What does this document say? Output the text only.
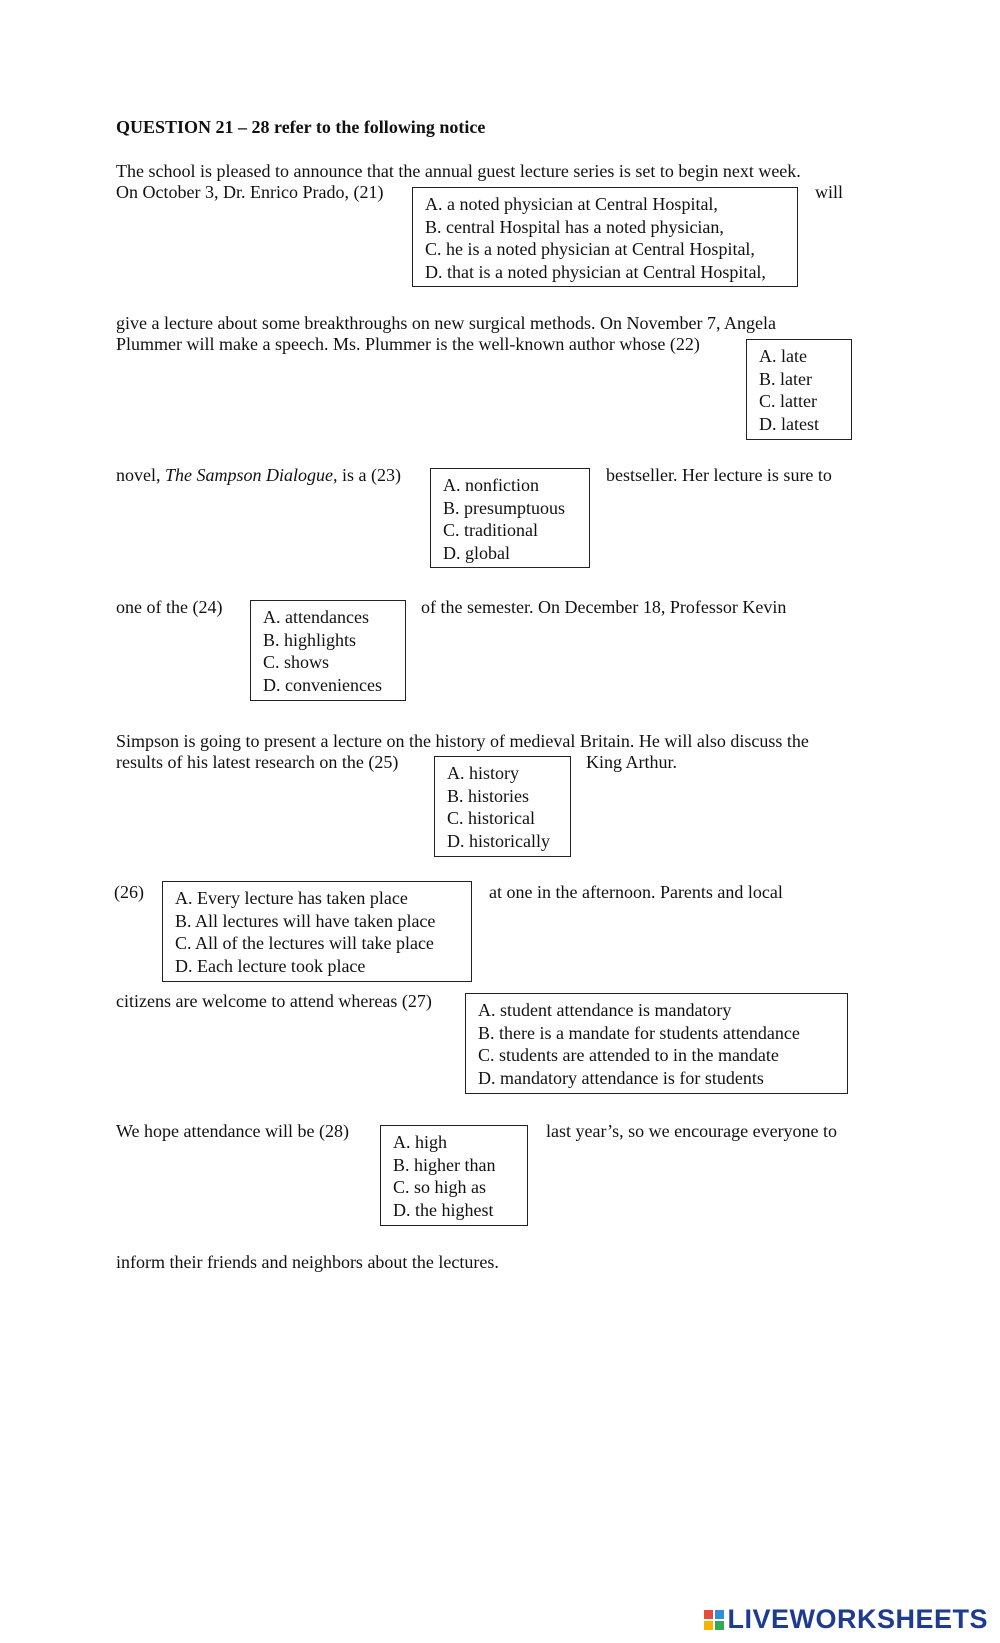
QUESTION 21 – 28 refer to the following notice
The school is pleased to announce that the annual guest lecture series is set to begin next week.
On October 3, Dr. Enrico Prado, (21)	will
A. a noted physician at Central Hospital,
B. central Hospital has a noted physician,
C. he is a noted physician at Central Hospital,
D. that is a noted physician at Central Hospital,
give a lecture about some breakthroughs on new surgical methods. On November 7, Angela
Plummer will make a speech. Ms. Plummer is the well-known author whose (22)
A. late
B. later
C. latter
D. latest
novel, The Sampson Dialogue, is a (23)	bestseller. Her lecture is sure to
A. nonfiction
B. presumptuous
C. traditional
D. global
one of the (24)	of the semester. On December 18, Professor Kevin
A. attendances
B. highlights
C. shows
D. conveniences
Simpson is going to present a lecture on the history of medieval Britain. He will also discuss the
results of his latest research on the (25)	King Arthur.
A. history
B. histories
C. historical
D. historically
(26)	at one in the afternoon. Parents and local
A. Every lecture has taken place
B. All lectures will have taken place
C. All of the lectures will take place
D. Each lecture took place
citizens are welcome to attend whereas (27)	A. student attendance is mandatory
B. there is a mandate for students attendance
C. students are attended to in the mandate
D. mandatory attendance is for students
We hope attendance will be (28)	last year’s, so we encourage everyone to
A. high
B. higher than
C. so high as
D. the highest
inform their friends and neighbors about the lectures.
LIVEWORKSHEETS
